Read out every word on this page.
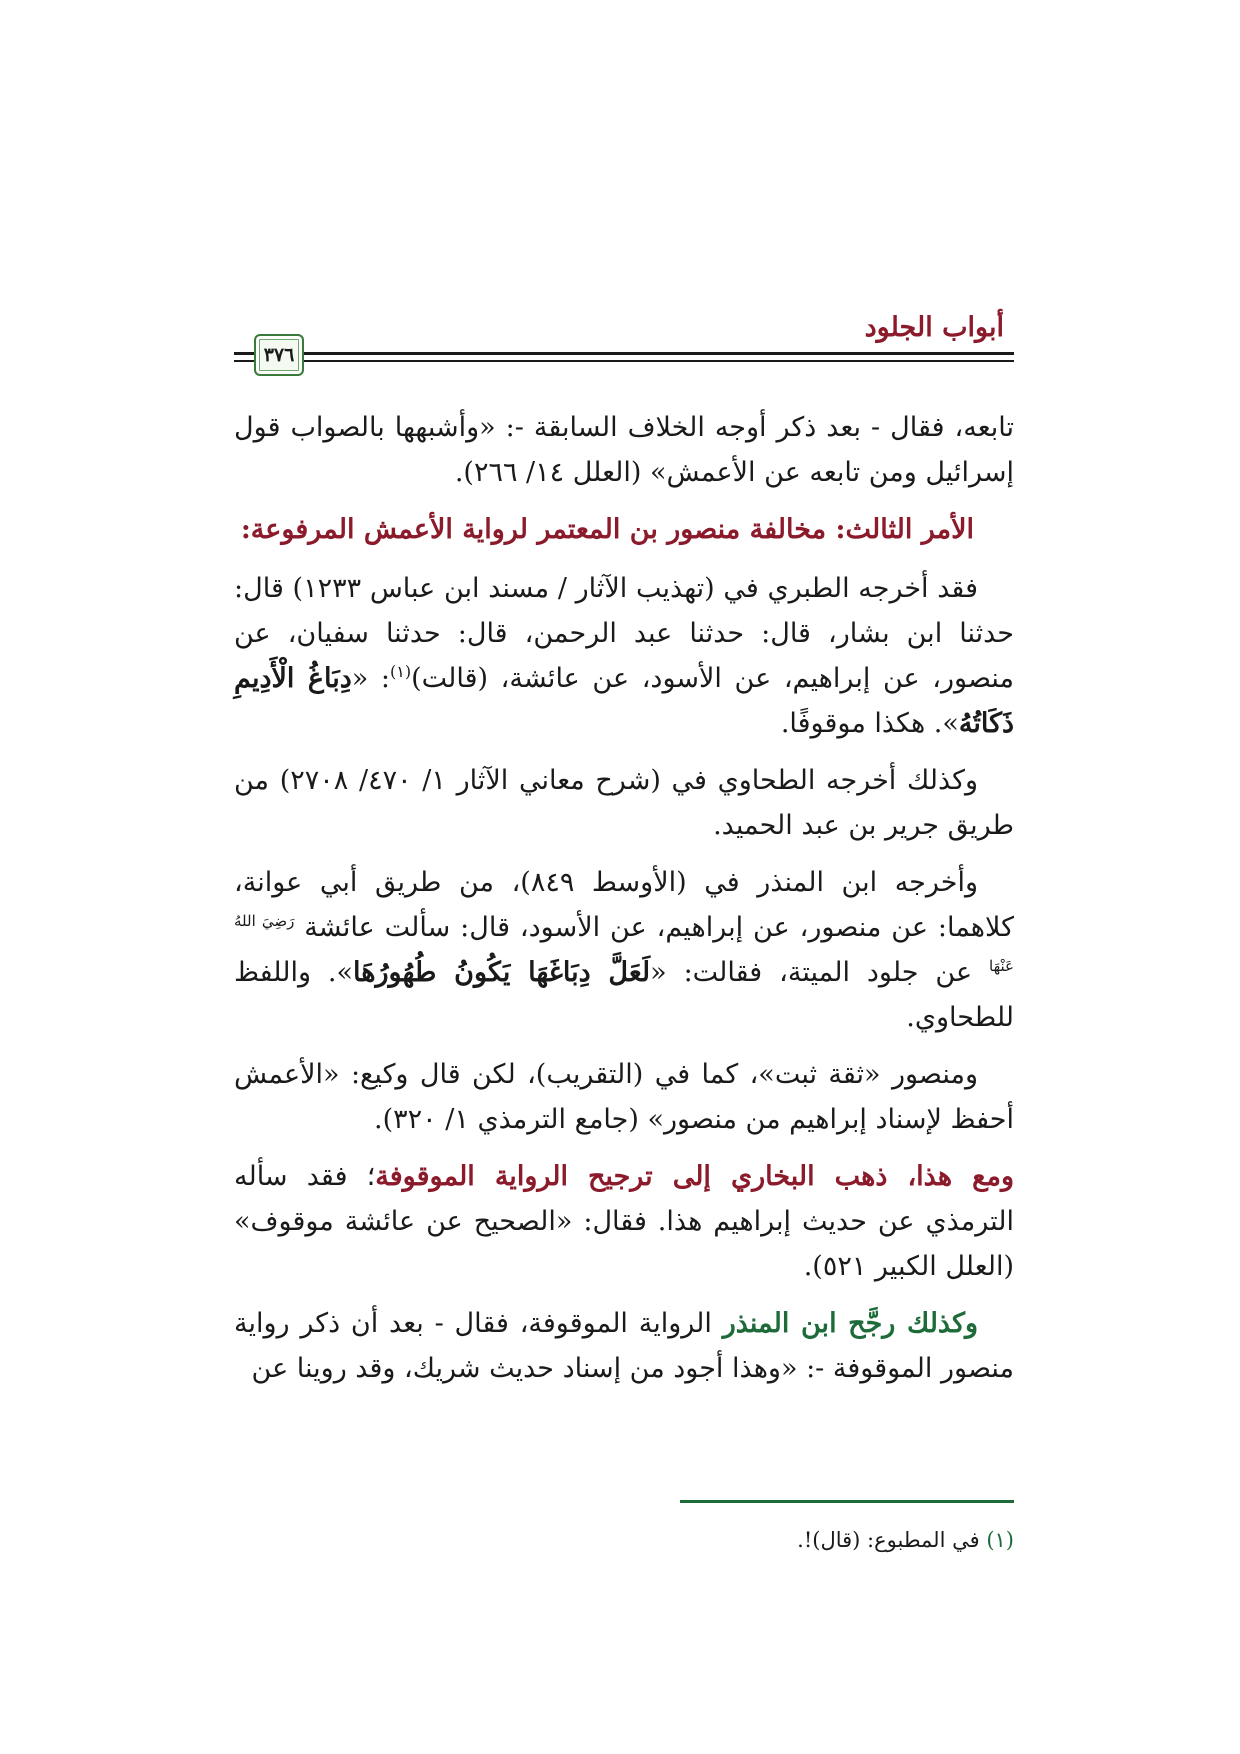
أبواب الجلود
٣٧٦
تابعه، فقال - بعد ذكر أوجه الخلاف السابقة -: «وأشبهها بالصواب قول إسرائيل ومن تابعه عن الأعمش» (العلل ١٤/ ٢٦٦).
الأمر الثالث: مخالفة منصور بن المعتمر لرواية الأعمش المرفوعة:
فقد أخرجه الطبري في (تهذيب الآثار / مسند ابن عباس ١٢٣٣) قال: حدثنا ابن بشار، قال: حدثنا عبد الرحمن، قال: حدثنا سفيان، عن منصور، عن إبراهيم، عن الأسود، عن عائشة، (قالت)$^{(١)}$: «دِبَاغُ الْأَدِيمِ ذَكَاتُهُ». هكذا موقوفًا.
وكذلك أخرجه الطحاوي في (شرح معاني الآثار ١/ ٤٧٠/ ٢٧٠٨) من طريق جرير بن عبد الحميد.
وأخرجه ابن المنذر في (الأوسط ٨٤٩)، من طريق أبي عوانة، كلاهما: عن منصور، عن إبراهيم، عن الأسود، قال: سألت عائشة $^{رَضِيَ اللهُ عَنْهَا}$ عن جلود الميتة، فقالت: «لَعَلَّ دِبَاغَهَا يَكُونُ طُهُورُهَا». واللفظ للطحاوي.
ومنصور «ثقة ثبت»، كما في (التقريب)، لكن قال وكيع: «الأعمش أحفظ لإسناد إبراهيم من منصور» (جامع الترمذي ١/ ٣٢٠).
ومع هذا، ذهب البخاري إلى ترجيح الرواية الموقوفة؛ فقد سأله الترمذي عن حديث إبراهيم هذا. فقال: «الصحيح عن عائشة موقوف» (العلل الكبير ٥٢١).
وكذلك رجَّح ابن المنذر الرواية الموقوفة، فقال - بعد أن ذكر رواية منصور الموقوفة -: «وهذا أجود من إسناد حديث شريك، وقد روينا عن
(١) في المطبوع: (قال)!.
